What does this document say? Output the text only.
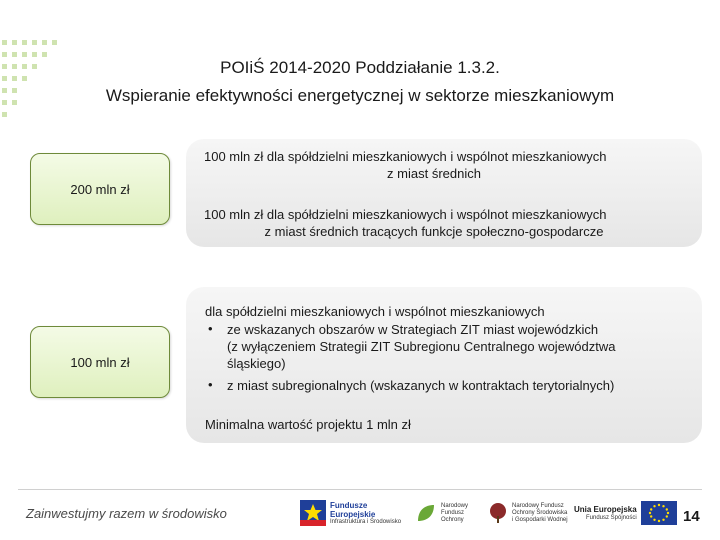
POIiŚ 2014-2020 Poddziałanie 1.3.2.
Wspieranie efektywności energetycznej w sektorze mieszkaniowym
200 mln zł
100 mln zł dla spółdzielni mieszkaniowych i wspólnot mieszkaniowych
z miast średnich
100 mln zł dla spółdzielni mieszkaniowych i wspólnot mieszkaniowych
z miast średnich tracących funkcje społeczno-gospodarcze
100 mln zł
dla spółdzielni mieszkaniowych i wspólnot mieszkaniowych
• ze wskazanych obszarów w Strategiach ZIT miast wojewódzkich
(z wyłączeniem Strategii ZIT Subregionu Centralnego województwa
śląskiego)
• z miast subregionalnych (wskazanych w kontraktach terytorialnych)
Minimalna wartość projektu 1 mln zł
Zainwestujmy razem w środowisko
Fundusze
Europejskie
Infrastruktura i Środowisko
Narodowy
Fundusz
Ochrony
Narodowy Fundusz
Ochrony Środowiska
i Gospodarki Wodnej
Unia Europejska
Fundusz Spójności	14
